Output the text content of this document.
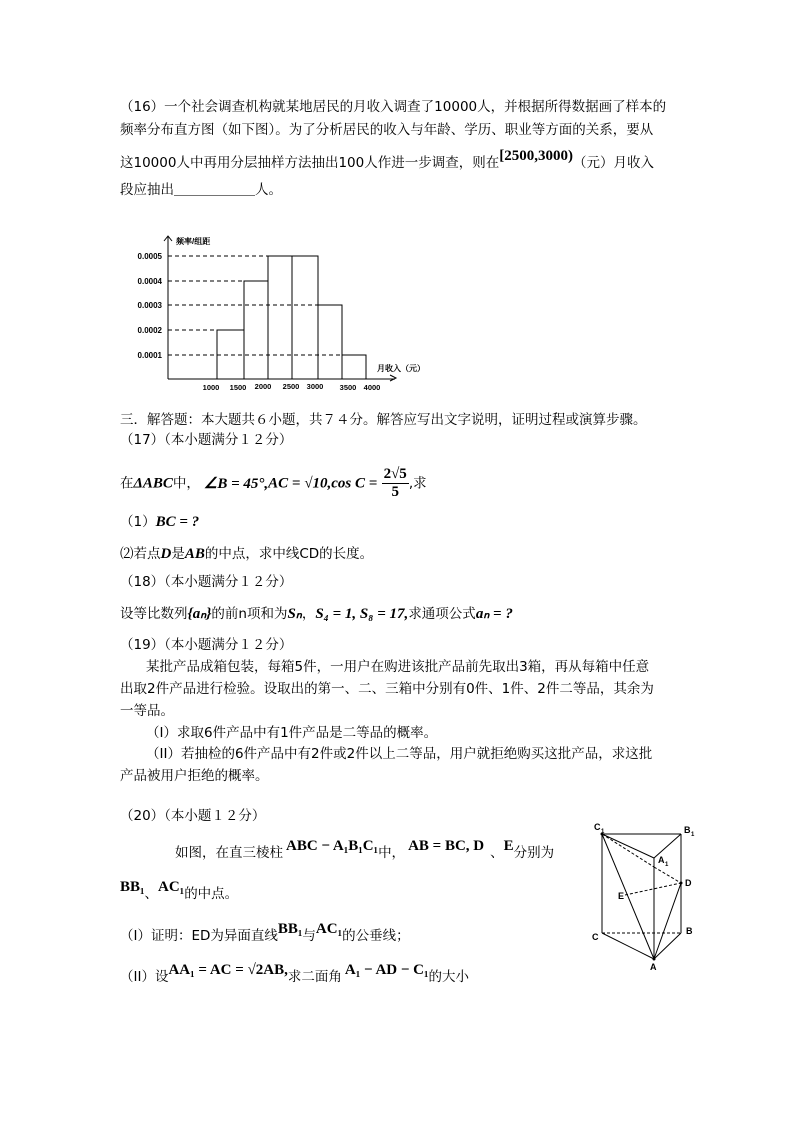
（16）一个社会调查机构就某地居民的月收入调查了10000人，并根据所得数据画了样本的
频率分布直方图（如下图）。为了分析居民的收入与年龄、学历、职业等方面的关系，要从
这10000人中再用分层抽样方法抽出100人作进一步调查，则在[2500,3000)（元）月收入
段应抽出＿＿＿＿＿＿人。
0.0005
0.0004
0.0003
0.0002
0.0001
1000 1500 2000 2500 3000 3500 4000
频率/组距
月收入（元）
三．解答题：本大题共６小题，共７４分。解答应写出文字说明，证明过程或演算步骤。
（17）（本小题满分１２分）
在ΔABC中， ∠B = 45°,AC = √10,cos $C = \frac{2√5}{5}$ ,求
（1）BC = ?
⑵若点D是AB的中点，求中线CD的长度。
（18）（本小题满分１２分）
设等比数列{aₙ}的前n项和为Sₙ，S₄ = 1, S₈ = 17,求通项公式aₙ = ?
（19）（本小题满分１２分）
某批产品成箱包装，每箱5件，一用户在购进该批产品前先取出3箱，再从每箱中任意
出取2件产品进行检验。设取出的第一、二、三箱中分别有0件、1件、2件二等品，其余为
一等品。
（I）求取6件产品中有1件产品是二等品的概率。
（II）若抽检的6件产品中有2件或2件以上二等品，用户就拒绝购买这批产品，求这批
产品被用户拒绝的概率。
（20）（本小题１２分）
如图，在直三棱柱 ABC − A₁B₁C₁中， AB = BC, D 、E分别为
BB₁、AC₁的中点。
（I）证明：ED为异面直线BB₁与AC₁的公垂线；
（II）设AA₁ = AC = √2AB,求二面角 A₁ − AD − C₁的大小
C 1	B 1
A 1
D
E
C
B
A
